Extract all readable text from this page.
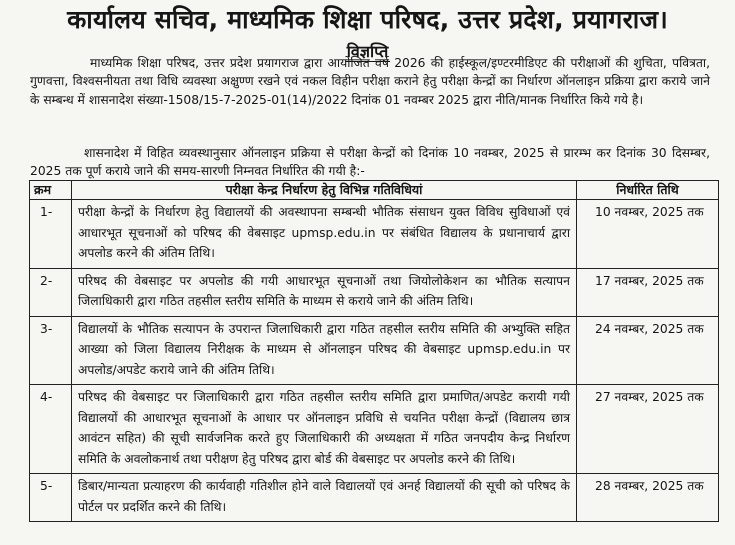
कार्यालय सचिव, माध्यमिक शिक्षा परिषद, उत्तर प्रदेश, प्रयागराज।
विज्ञप्ति
माध्यमिक शिक्षा परिषद, उत्तर प्रदेश प्रयागराज द्वारा आयोजित वर्ष 2026 की हाईस्कूल/इण्टरमीडिएट की परीक्षाओं की शुचिता, पवित्रता, गुणवत्ता, विश्वसनीयता तथा विधि व्यवस्था अक्षुण्ण रखने एवं नकल विहीन परीक्षा कराने हेतु परीक्षा केन्द्रों का निर्धारण ऑनलाइन प्रक्रिया द्वारा कराये जाने के सम्बन्ध में शासनादेश संख्या-1508/15-7-2025-01(14)/2022 दिनांक 01 नवम्बर 2025 द्वारा नीति/मानक निर्धारित किये गये है।
शासनादेश में विहित व्यवस्थानुसार ऑनलाइन प्रक्रिया से परीक्षा केन्द्रों को दिनांक 10 नवम्बर, 2025 से प्रारम्भ कर दिनांक 30 दिसम्बर, 2025 तक पूर्ण कराये जाने की समय-सारणी निम्नवत निर्धारित की गयी है:-
क्रम	परीक्षा केन्द्र निर्धारण हेतु विभिन्न गतिविधियां	निर्धारित तिथि
1-	परीक्षा केन्द्रों के निर्धारण हेतु विद्यालयों की अवस्थापना सम्बन्धी भौतिक संसाधन युक्त विविध सुविधाओं एवं आधारभूत सूचनाओं को परिषद की वेबसाइट upmsp.edu.in पर संबंधित विद्यालय के प्रधानाचार्य द्वारा अपलोड करने की अंतिम तिथि।	10 नवम्बर, 2025 तक
2-	परिषद की वेबसाइट पर अपलोड की गयी आधारभूत सूचनाओं तथा जियोलोकेशन का भौतिक सत्यापन जिलाधिकारी द्वारा गठित तहसील स्तरीय समिति के माध्यम से कराये जाने की अंतिम तिथि।	17 नवम्बर, 2025 तक
3-	विद्यालयों के भौतिक सत्यापन के उपरान्त जिलाधिकारी द्वारा गठित तहसील स्तरीय समिति की अभ्युक्ति सहित आख्या को जिला विद्यालय निरीक्षक के माध्यम से ऑनलाइन परिषद की वेबसाइट upmsp.edu.in पर अपलोड/अपडेट कराये जाने की अंतिम तिथि।	24 नवम्बर, 2025 तक
4-	परिषद की वेबसाइट पर जिलाधिकारी द्वारा गठित तहसील स्तरीय समिति द्वारा प्रमाणित/अपडेट करायी गयी विद्यालयों की आधारभूत सूचनाओं के आधार पर ऑनलाइन प्रविधि से चयनित परीक्षा केन्द्रों (विद्यालय छात्र आवंटन सहित) की सूची सार्वजनिक करते हुए जिलाधिकारी की अध्यक्षता में गठित जनपदीय केन्द्र निर्धारण समिति के अवलोकनार्थ तथा परीक्षण हेतु परिषद द्वारा बोर्ड की वेबसाइट पर अपलोड करने की तिथि।	27 नवम्बर, 2025 तक
5-	डिबार/मान्यता प्रत्याहरण की कार्यवाही गतिशील होने वाले विद्यालयों एवं अनर्ह विद्यालयों की सूची को परिषद के पोर्टल पर प्रदर्शित करने की तिथि।	28 नवम्बर, 2025 तक
